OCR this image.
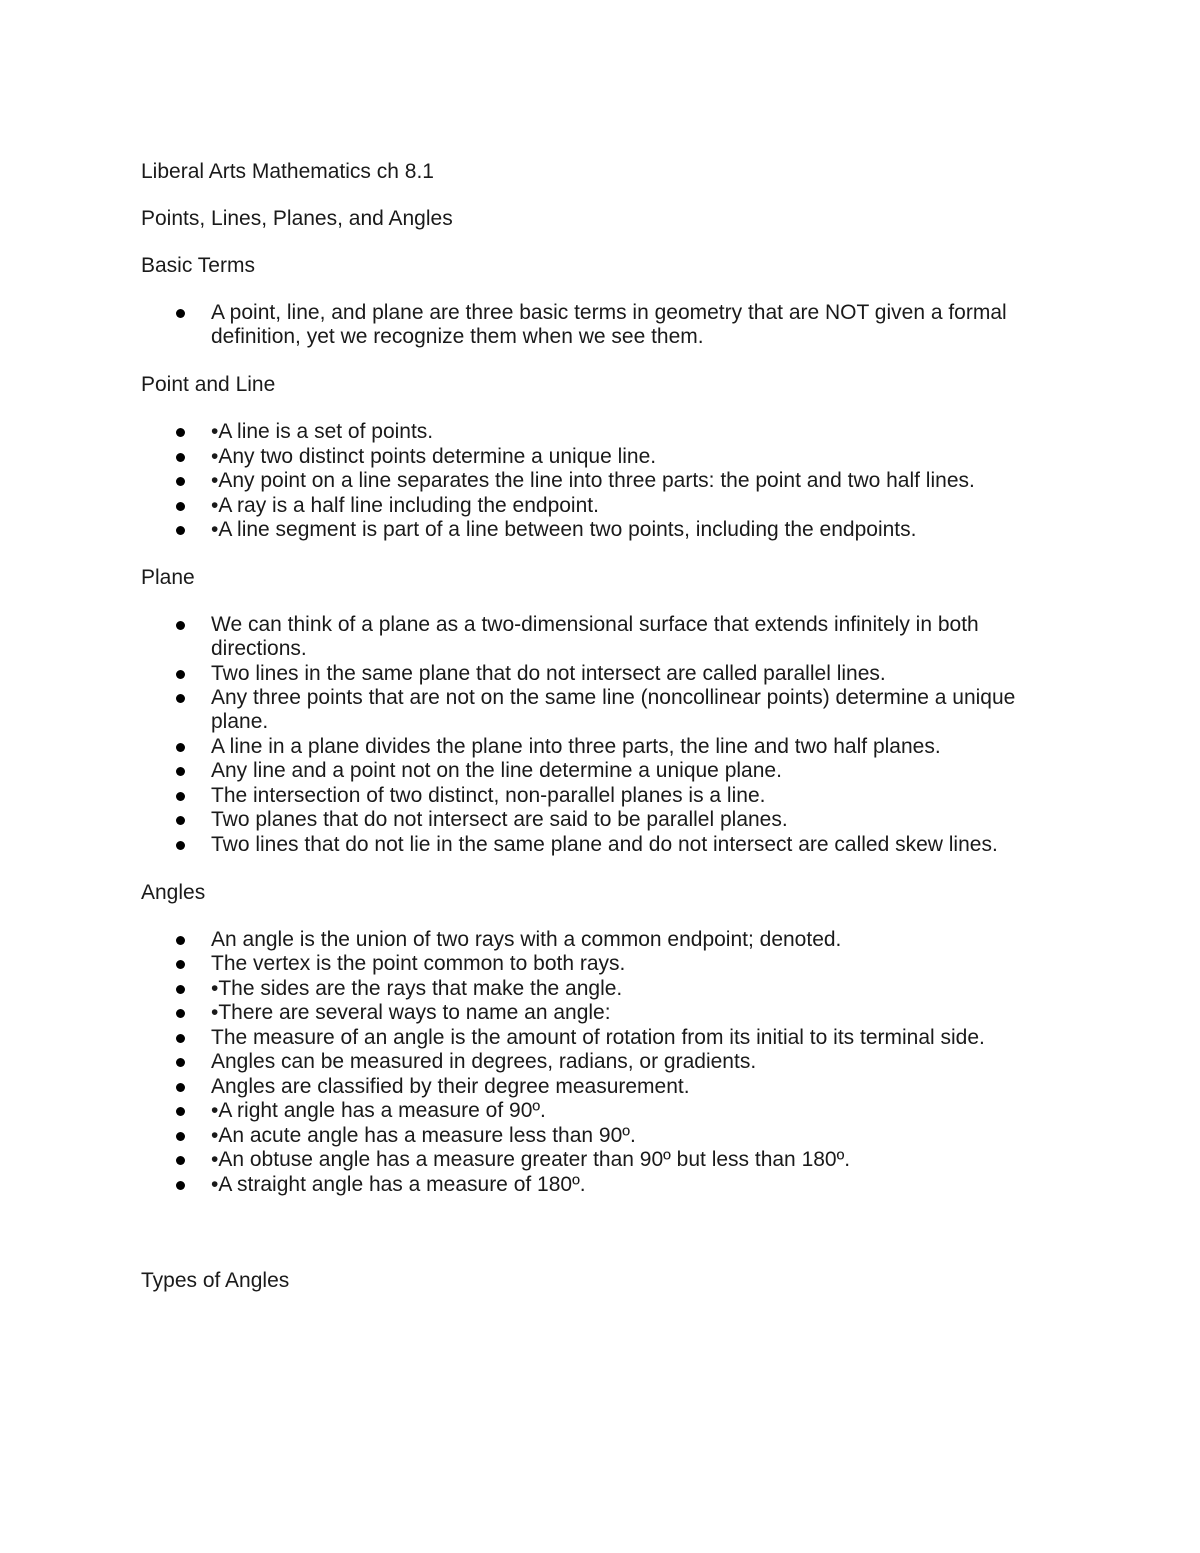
Liberal Arts Mathematics ch 8.1

Points, Lines, Planes, and Angles

Basic Terms

A point, line, and plane are three basic terms in geometry that are NOT given a formal definition, yet we recognize them when we see them.

Point and Line

•A line is a set of points.
•Any two distinct points determine a unique line.
•Any point on a line separates the line into three parts: the point and two half lines.
•A ray is a half line including the endpoint.
•A line segment is part of a line between two points, including the endpoints.

Plane

We can think of a plane as a two-dimensional surface that extends infinitely in both directions.
Two lines in the same plane that do not intersect are called parallel lines.
Any three points that are not on the same line (noncollinear points) determine a unique plane.
A line in a plane divides the plane into three parts, the line and two half planes.
Any line and a point not on the line determine a unique plane.
The intersection of two distinct, non-parallel planes is a line.
Two planes that do not intersect are said to be parallel planes.
Two lines that do not lie in the same plane and do not intersect are called skew lines.

Angles

An angle is the union of two rays with a common endpoint; denoted.
The vertex is the point common to both rays.
•The sides are the rays that make the angle.
•There are several ways to name an angle:
The measure of an angle is the amount of rotation from its initial to its terminal side.
Angles can be measured in degrees, radians, or gradients.
Angles are classified by their degree measurement.
•A right angle has a measure of 90º.
•An acute angle has a measure less than 90º.
•An obtuse angle has a measure greater than 90º but less than 180º.
•A straight angle has a measure of 180º.

Types of Angles
